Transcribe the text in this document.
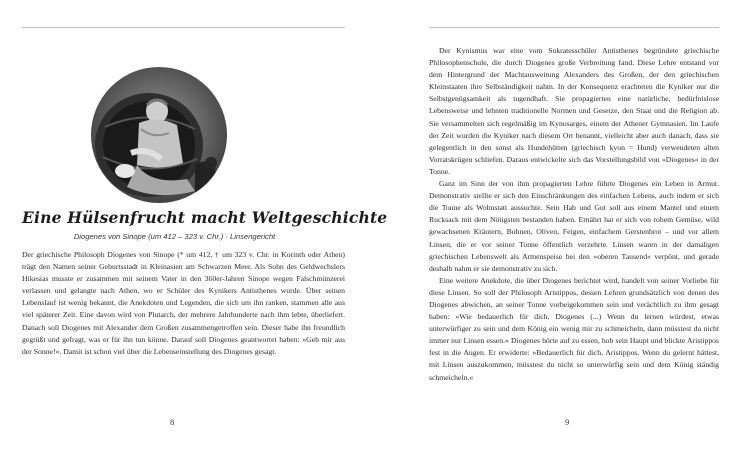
Eine Hülsenfrucht macht Weltgeschichte
Diogenes von Sinope (um 412 – 323 v. Chr.) · Linsengericht

Der griechische Philosoph Diogenes von Sinope (* um 412, † um 323 v. Chr. in Korinth oder Athen) trägt den Namen seiner Geburtsstadt in Kleinasien am Schwarzen Meer. Als Sohn des Geldwechslers Hikesias musste er zusammen mit seinem Vater in den 360er-Jahren Sinope wegen Falschmünzerei verlassen und gelangte nach Athen, wo er Schüler des Kynikers Antisthenes wurde. Über seinen Lebenslauf ist wenig bekannt, die Anekdoten und Legenden, die sich um ihn ranken, stammen alle aus viel späterer Zeit. Eine davon wird von Plutarch, der mehrere Jahrhunderte nach ihm lebte, überliefert. Danach soll Diogenes mit Alexander dem Großen zusammengetroffen sein. Dieser habe ihn freundlich gegrüßt und gefragt, was er für ihn tun könne. Darauf soll Diogenes geantwortet haben: »Geh mir aus der Sonne!«. Damit ist schon viel über die Lebenseinstellung des Diogenes gesagt.

8

Der Kynismus war eine vom Sokratesschüler Antisthenes begründete griechische Philosophenschule, die durch Diogenes große Verbreitung fand. Diese Lehre entstand vor dem Hintergrund der Machtausweitung Alexanders des Großen, der den griechischen Kleinstaaten ihre Selbständigkeit nahm. In der Konsequenz erachteten die Kyniker nur die Selbstgenügsamkeit als tugendhaft. Sie propagierten eine natürliche, bedürfnislose Lebensweise und lehnten traditionelle Normen und Gesetze, den Staat und die Religion ab. Sie versammelten sich regelmäßig im Kynosarges, einem der Athener Gymnasien. Im Laufe der Zeit wurden die Kyniker nach diesem Ort benannt, vielleicht aber auch danach, dass sie gelegentlich in den sonst als Hundehütten (griechisch kyon = Hund) verwendeten alten Vorratskrügen schliefen. Daraus entwickelte sich das Vorstellungsbild von »Diogenes« in der Tonne.

Ganz im Sinn der von ihm propagierten Lehre führte Diogenes ein Leben in Armut. Demonstrativ stellte er sich den Einschränkungen des einfachen Lebens, auch indem er sich die Tonne als Wohnstatt aussuchte. Sein Hab und Gut soll aus einem Mantel und einem Rucksack mit dem Nötigsten bestanden haben. Ernährt hat er sich von rohem Gemüse, wild gewachsenen Kräutern, Bohnen, Oliven, Feigen, einfachem Gerstenbrot – und vor allem Linsen, die er vor seiner Tonne öffentlich verzehrte. Linsen waren in der damaligen griechischen Lebenswelt als Armenspeise bei den »oberen Tausend« verpönt, und gerade deshalb nahm er sie demonstrativ zu sich.

Eine weitere Anekdote, die über Diogenes berichtet wird, handelt von seiner Vorliebe für diese Linsen. So soll der Philosoph Aristippos, dessen Lehren grundsätzlich von denen des Diogenes abwichen, an seiner Tonne vorbeigekommen sein und verächtlich zu ihm gesagt haben: »Wie bedauerlich für dich, Diogenes (...) Wenn du lernen würdest, etwas unterwürfiger zu sein und dem König ein wenig mir zu schmeicheln, dann müsstest du nicht immer nur Linsen essen.« Diogenes hörte auf zu essen, hob sein Haupt und blickte Aristippos fest in die Augen. Er erwiderte: »Bedauerlich für dich, Aristippos. Wenn du gelernt hättest, mit Linsen auszukommen, müsstest du nicht so unterwürfig sein und dem König ständig schmeicheln.«

9
